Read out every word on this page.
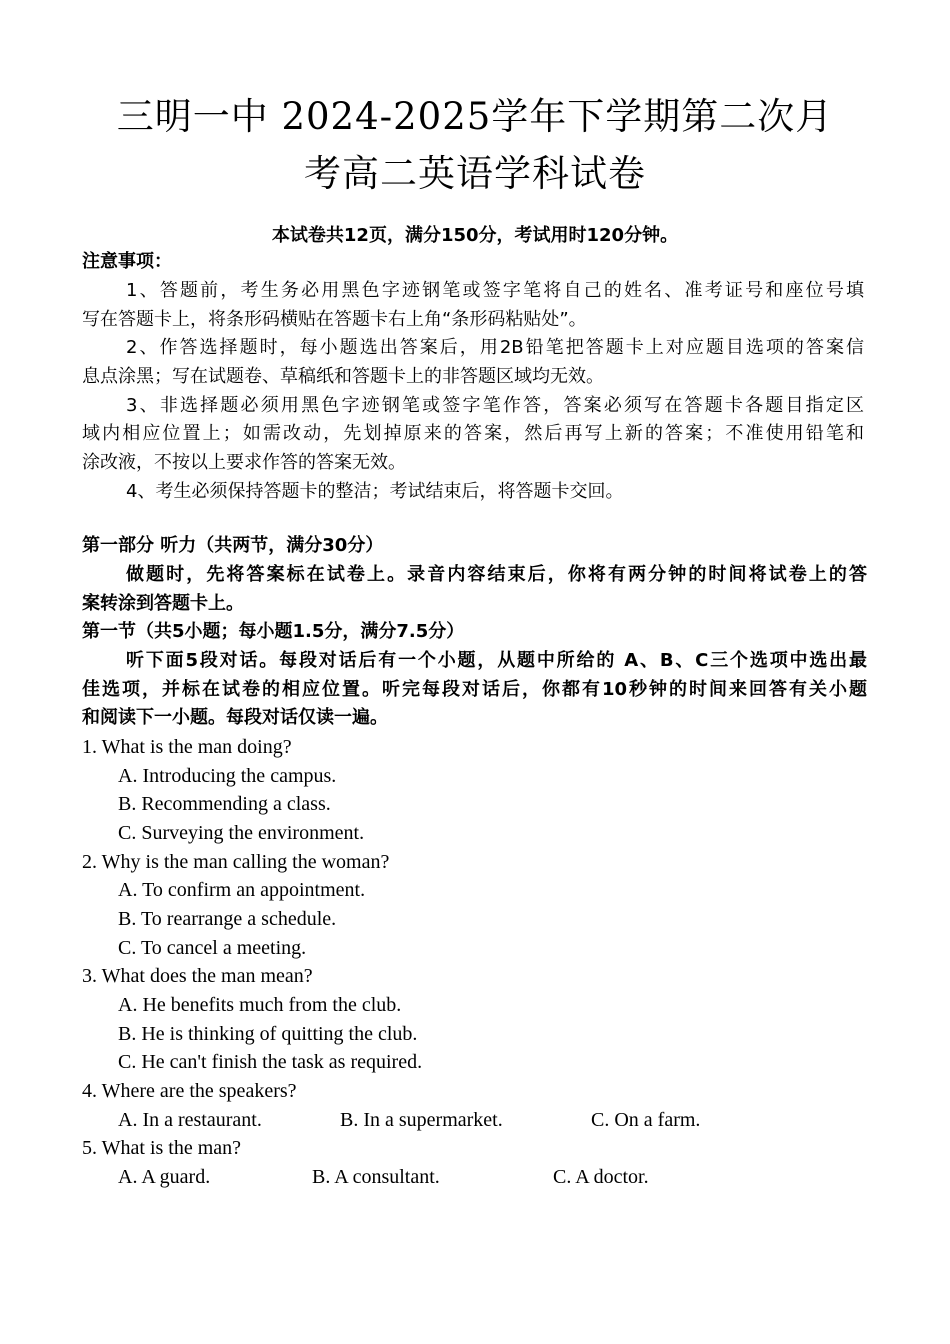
三明一中 2024-2025学年下学期第二次月
考高二英语学科试卷
本试卷共12页，满分150分，考试用时120分钟。
注意事项：
1、答题前，考生务必用黑色字迹钢笔或签字笔将自己的姓名、准考证号和座位号填
写在答题卡上，将条形码横贴在答题卡右上角“条形码粘贴处”。
2、作答选择题时，每小题选出答案后，用2B铅笔把答题卡上对应题目选项的答案信
息点涂黑；写在试题卷、草稿纸和答题卡上的非答题区域均无效。
3、非选择题必须用黑色字迹钢笔或签字笔作答，答案必须写在答题卡各题目指定区
域内相应位置上；如需改动，先划掉原来的答案，然后再写上新的答案；不准使用铅笔和
涂改液，不按以上要求作答的答案无效。
4、考生必须保持答题卡的整洁；考试结束后，将答题卡交回。
第一部分 听力（共两节，满分30分）
做题时，先将答案标在试卷上。录音内容结束后，你将有两分钟的时间将试卷上的答
案转涂到答题卡上。
第一节（共5小题；每小题1.5分，满分7.5分）
听下面5段对话。每段对话后有一个小题，从题中所给的 A、B、C三个选项中选出最
佳选项，并标在试卷的相应位置。听完每段对话后，你都有10秒钟的时间来回答有关小题
和阅读下一小题。每段对话仅读一遍。
1. What is the man doing?
A. Introducing the campus.
B. Recommending a class.
C. Surveying the environment.
2. Why is the man calling the woman?
A. To confirm an appointment.
B. To rearrange a schedule.
C. To cancel a meeting.
3. What does the man mean?
A. He benefits much from the club.
B. He is thinking of quitting the club.
C. He can't finish the task as required.
4. Where are the speakers?
A. In a restaurant.	B. In a supermarket.	C. On a farm.
5. What is the man?
A. A guard.	B. A consultant.	C. A doctor.
